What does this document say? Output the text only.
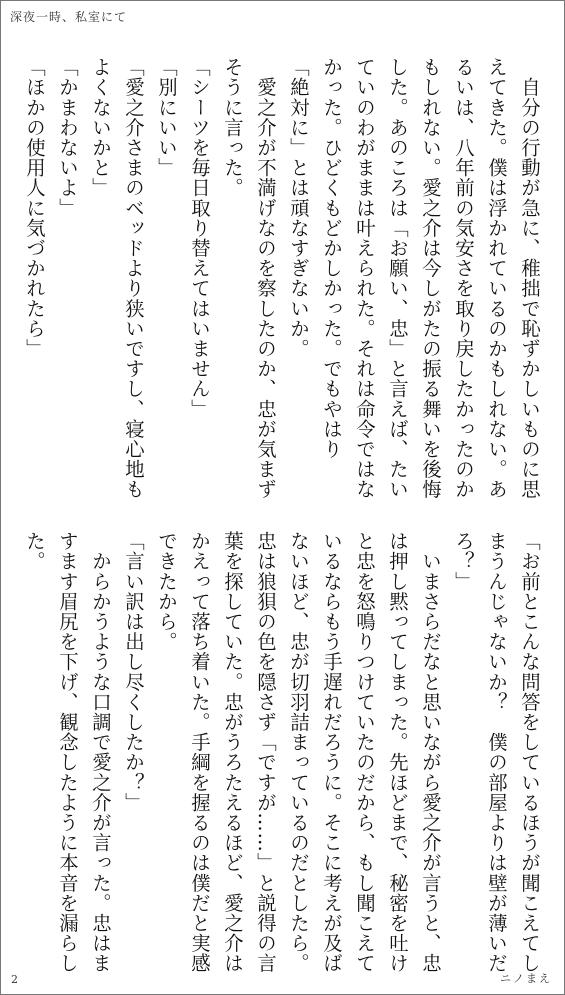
深夜一時、私室にて
　自分の行動が急に、稚拙で恥ずかしいものに思
えてきた。僕は浮かれているのかもしれない。あ
るいは、八年前の気安さを取り戻したかったのか
もしれない。愛之介は今しがたの振る舞いを後悔
した。あのころは「お願い、忠」と言えば、たい
ていのわがままは叶えられた。それは命令ではな
かった。ひどくもどかしかった。でもやはり
「絶対に」とは頑なすぎないか。
　愛之介が不満げなのを察したのか、忠が気まず
そうに言った。
「シーツを毎日取り替えてはいません」
「別にいい」
「愛之介さまのベッドより狭いですし、寝心地も
よくないかと」
「かまわないよ」
「ほかの使用人に気づかれたら」
「お前とこんな問答をしているほうが聞こえてし
まうんじゃないか？　僕の部屋よりは壁が薄いだ
ろ？」
　いまさらだなと思いながら愛之介が言うと、忠
は押し黙ってしまった。先ほどまで、秘密を吐け
と忠を怒鳴りつけていたのだから、もし聞こえて
いるならもう手遅れだろうに。そこに考えが及ば
ないほど、忠が切羽詰まっているのだとしたら。
忠は狼狽の色を隠さず「ですが……」と説得の言
葉を探していた。忠がうろたえるほど、愛之介は
かえって落ち着いた。手綱を握るのは僕だと実感
できたから。
「言い訳は出し尽くしたか？」
　からかうような口調で愛之介が言った。忠はま
すます眉尻を下げ、観念したように本音を漏らし
た。
2	ニノまえ
